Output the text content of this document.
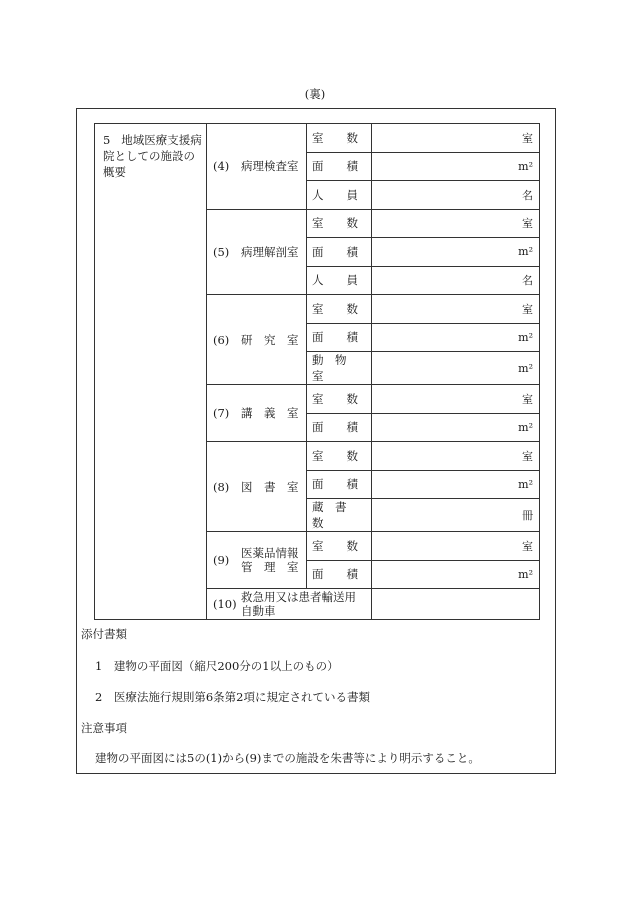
(裏)
5 地域医療支援病院としての施設の概要	(4) 病理検査室	室　　数	室
		面　　積	m²
		人　　員	名

	(5) 病理解剖室	室　　数	室
		面　　積	m²
		人　　員	名

	(6) 研　究　室	室　　数	室
		面　　積	m²
		動　物　室	m²

	(7) 講　義　室	室　　数	室
		面　　積	m²

	(8) 図　書　室	室　　数	室
		面　　積	m²
		蔵　書　数	冊

	(9) 医薬品情報
管　理　室	室　　数	室
		面　　積	m²

	(10) 救急用又は患者輸送用
自動車		

添付書類
1　建物の平面図（縮尺200分の1以上のもの）
2　医療法施行規則第6条第2項に規定されている書類
注意事項
建物の平面図には5の(1)から(9)までの施設を朱書等により明示すること。
